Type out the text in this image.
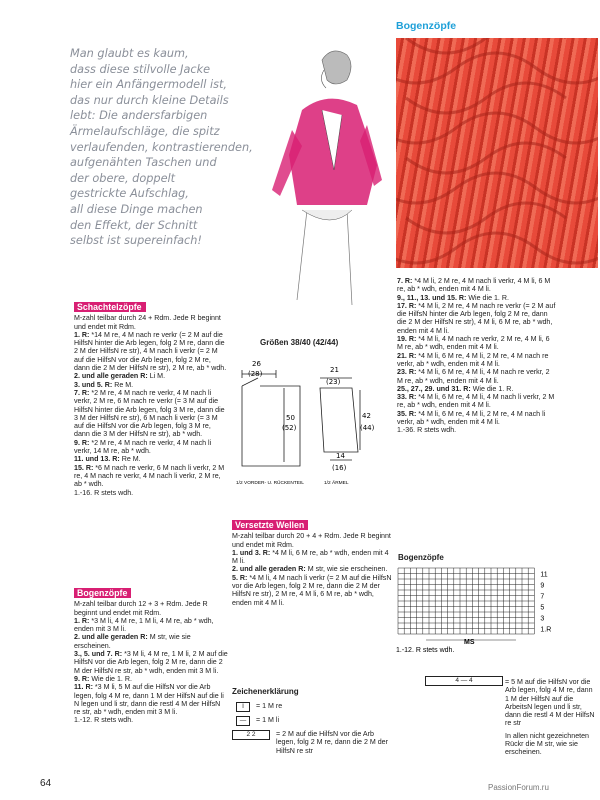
Man glaubt es kaum,
dass diese stilvolle Jacke
hier ein Anfängermodell ist,
das nur durch kleine Details
lebt: Die andersfarbigen
Ärmelaufschläge, die spitz
verlaufenden, kontrastierenden,
aufgenähten Taschen und
der obere, doppelt
gestrickte Aufschlag,
all diese Dinge machen
den Effekt, der Schnitt
selbst ist supereinfach!
Bogenzöpfe
Schachtelzöpfe

M-zahl teilbar durch 24 + Rdm. Jede R beginnt und endet mit Rdm.

1. R: *14 M re, 4 M nach re verkr (= 2 M auf die HilfsN hinter die Arb legen, folg 2 M re, dann die 2 M der HilfsN re str), 4 M nach li verkr (= 2 M auf die HilfsN vor die Arb legen, folg 2 M re, dann die 2 M der HilfsN re str), 2 M re, ab * wdh.

2. und alle geraden R: Li M.

3. und 5. R: Re M.

7. R: *2 M re, 4 M nach re verkr, 4 M nach li verkr, 2 M re, 6 M nach re verkr (= 3 M auf die HilfsN hinter die Arb legen, folg 3 M re, dann die 3 M der HilfsN re str), 6 M nach li verkr (= 3 M auf die HilfsN vor die Arb legen, folg 3 M re, dann die 3 M der HilfsN re str), ab * wdh.

9. R: *2 M re, 4 M nach re verkr, 4 M nach li verkr, 14 M re, ab * wdh.

11. und 13. R: Re M.

15. R: *6 M nach re verkr, 6 M nach li verkr, 2 M re, 4 M nach re verkr, 4 M nach li verkr, 2 M re, ab * wdh.

1.-16. R stets wdh.

Bogenzöpfe

M-zahl teilbar durch 12 + 3 + Rdm. Jede R beginnt und endet mit Rdm.

1. R: *3 M li, 4 M re, 1 M li, 4 M re, ab * wdh, enden mit 3 M li.

2. und alle geraden R: M str, wie sie erscheinen.

3., 5. und 7. R: *3 M li, 4 M re, 1 M li, 2 M auf die HilfsN vor die Arb legen, folg 2 M re, dann die 2 M der HilfsN re str, ab * wdh, enden mit 3 M li.

9. R: Wie die 1. R.

11. R: *3 M li, 5 M auf die HilfsN vor die Arb legen, folg 4 M re, dann 1 M der HilfsN auf die li N legen und li str, dann die restl 4 M der HilfsN re str, ab * wdh, enden mit 3 M li.

1.-12. R stets wdh.

Größen 38/40 (42/44)
26
(28)	21
(23)
50
(52)
42
(44)
14
(16)
1/2 VORDER- U. RÜCKENTEIL	1/2 ÄRMEL
Versetzte Wellen

M-zahl teilbar durch 20 + 4 + Rdm. Jede R beginnt und endet mit Rdm.

1. und 3. R: *4 M li, 6 M re, ab * wdh, enden mit 4 M li.

2. und alle geraden R: M str, wie sie erscheinen.

5. R: *4 M li, 4 M nach li verkr (= 2 M auf die HilfsN vor die Arb legen, folg 2 M re, dann die 2 M der HilfsN re str), 2 M re, 4 M li, 6 M re, ab * wdh, enden mit 4 M li.

7. R: *4 M li, 2 M re, 4 M nach li verkr, 4 M li, 6 M re, ab * wdh, enden mit 4 M li.

9., 11., 13. und 15. R: Wie die 1. R.

17. R: *4 M li, 2 M re, 4 M nach re verkr (= 2 M auf die HilfsN hinter die Arb legen, folg 2 M re, dann die 2 M der HilfsN re str), 4 M li, 6 M re, ab * wdh, enden mit 4 M li.

19. R: *4 M li, 4 M nach re verkr, 2 M re, 4 M li, 6 M re, ab * wdh, enden mit 4 M li.

21. R: *4 M li, 6 M re, 4 M li, 2 M re, 4 M nach re verkr, ab * wdh, enden mit 4 M li.

23. R: *4 M li, 6 M re, 4 M li, 4 M nach re verkr, 2 M re, ab * wdh, enden mit 4 M li.

25., 27., 29. und 31. R: Wie die 1. R.

33. R: *4 M li, 6 M re, 4 M li, 4 M nach li verkr, 2 M re, ab * wdh, enden mit 4 M li.

35. R: *4 M li, 6 M re, 4 M li, 2 M re, 4 M nach li verkr, ab * wdh, enden mit 4 M li.

1.-36. R stets wdh.

Bogenzöpfe
11
9
7
5
3
1.R
MS
1.-12. R stets wdh.
Zeichenerklärung
I	= 1 M re
—	= 1 M li
2 2	= 2 M auf die HilfsN vor die Arb legen, folg 2 M re, dann die 2 M der HilfsN re str
4 — 4	= 5 M auf die HilfsN vor die Arb legen, folg 4 M re, dann 1 M der HilfsN auf die ArbeitsN legen und li str, dann die restl 4 M der HilfsN re str

In allen nicht gezeichneten Rückr die M str, wie sie erscheinen.

64	PassionForum.ru
